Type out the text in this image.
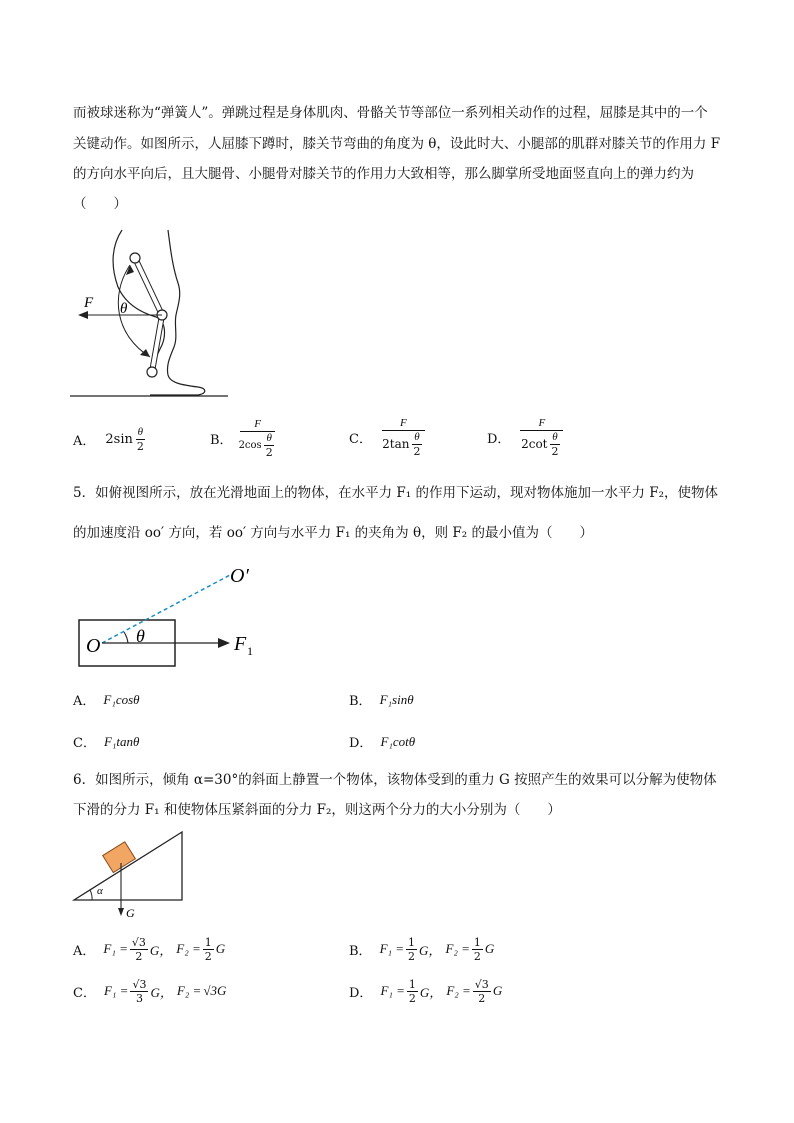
而被球迷称为“弹簧人”。弹跳过程是身体肌肉、骨骼关节等部位一系列相关动作的过程，屈膝是其中的一个
关键动作。如图所示，人屈膝下蹲时，膝关节弯曲的角度为 θ，设此时大、小腿部的肌群对膝关节的作用力 F
的方向水平向后，且大腿骨、小腿骨对膝关节的作用力大致相等，那么脚掌所受地面竖直向上的弹力约为
（　　）
F θ
A． $2\sin \frac{\theta}{2}$	B． $\frac{F}{2\cos \frac{\theta}{2}}$	C． $\frac{F}{2\tan \frac{\theta}{2}}$	D． $\frac{F}{2\cot \frac{\theta}{2}}$
5．如俯视图所示，放在光滑地面上的物体，在水平力 F₁ 的作用下运动，现对物体施加一水平力 F₂，使物体
的加速度沿 oo′ 方向，若 oo′ 方向与水平力 F₁ 的夹角为 θ，则 F₂ 的最小值为（　　）
O
O′
θ	F 1
A． F₁cosθ	B． F₁sinθ
C． F₁tanθ	D． F₁cotθ
6．如图所示，倾角 α=30°的斜面上静置一个物体，该物体受到的重力 G 按照产生的效果可以分解为使物体
下滑的分力 F₁ 和使物体压紧斜面的分力 F₂，则这两个分力的大小分别为（　　）
α
G
A． $F_1 = \frac{√3}{2}$ G， $F_2 = \frac{1}{2}$ G	B． $F_1 = \frac{1}{2}$ G， $F_2 = \frac{1}{2}$ G
C． $F_1 = \frac{√3}{3}$ G， F₂ = √3G	D． $F_1 = \frac{1}{2}$ G， $F_2 = \frac{√3}{2}$ G
